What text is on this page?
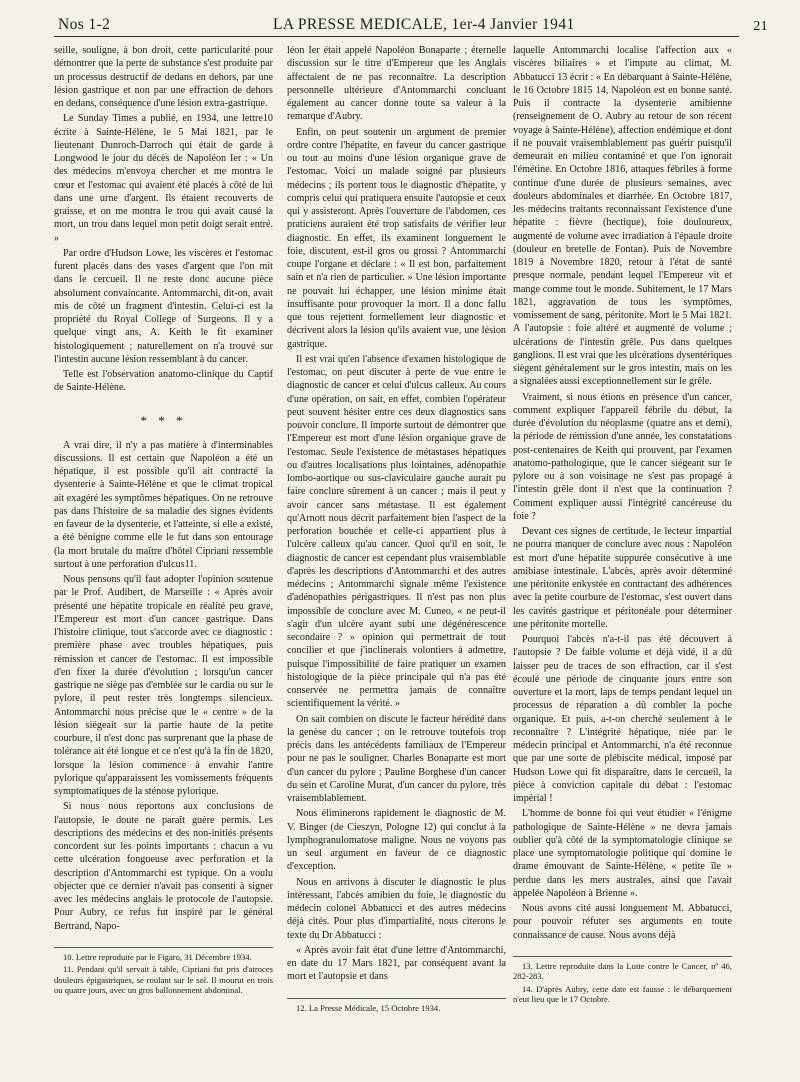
Nos 1-2	LA PRESSE MEDICALE, 1er-4 Janvier 1941	21

seille, souligne, à bon droit, cette particularité pour démontrer que la perte de substance s'est produite par un processus destructif de dedans en dehors, par une lésion gastrique et non par une effraction de dehors en dedans, conséquence d'une lésion extra-gastrique.

Le Sunday Times a publié, en 1934, une lettre10 écrite à Sainte-Hélène, le 5 Mai 1821, par le lieutenant Dunroch-Darroch qui était de garde à Longwood le jour du décès de Napoléon Ier : « Un des médecins m'envoya chercher et me montra le cœur et l'estomac qui avaient été placés à côté de lui dans une urne d'argent. Ils étaient recouverts de graisse, et on me montra le trou qui avait causé la mort, un trou dans lequel mon petit doigt serait entré. »

Par ordre d'Hudson Lowe, les viscères et l'estomac furent placés dans des vases d'argent que l'on mit dans le cercueil. Il ne reste donc aucune pièce absolument convaincante. Antommarchi, dit-on, avait mis de côté un fragment d'intestin. Celui-ci est la propriété du Royal College of Surgeons. Il y a quelque vingt ans, A. Keith le fit examiner histologiquement ; naturellement on n'a trouvé sur l'intestin aucune lésion ressemblant à du cancer.

Telle est l'observation anatomo-clinique du Captif de Sainte-Hélène.

* * *

A vrai dire, il n'y a pas matière à d'interminables discussions. Il est certain que Napoléon a été un hépatique, il est possible qu'il ait contracté la dysenterie à Sainte-Hélène et que le climat tropical ait exagéré les symptômes hépatiques. On ne retrouve pas dans l'histoire de sa maladie des signes évidents en faveur de la dysenterie, et l'atteinte, si elle a existé, a été bénigne comme elle le fut dans son entourage (la mort brutale du maître d'hôtel Cipriani ressemble surtout à une perforation d'ulcus11.

Nous pensons qu'il faut adopter l'opinion soutenue par le Prof. Audibert, de Marseille : « Après avoir présenté une hépatite tropicale en réalité peu grave, l'Empereur est mort d'un cancer gastrique. Dans l'histoire clinique, tout s'accorde avec ce diagnostic : première phase avec troubles hépatiques, puis rémission et cancer de l'estomac. Il est impossible d'en fixer la durée d'évolution ; lorsqu'un cancer gastrique ne siège pas d'emblée sur le cardia ou sur le pylore, il peut rester très longtemps silencieux. Antommarchi nous précise que le « centre » de la lésion siégeait sur la partie haute de la petite courbure, il n'est donc pas surprenant que la phase de tolérance ait été longue et ce n'est qu'à la fin de 1820, lorsque la lésion commence à envahir l'antre pylorique qu'apparaissent les vomissements fréquents symptomatiques de la sténose pylorique.

Si nous nous reportons aux conclusions de l'autopsie, le doute ne paraît guère permis. Les descriptions des médecins et des non-initiés présents concordent sur les points importants : chacun a vu cette ulcération fongueuse avec perforation et la description d'Antommarchi est typique. On a voulu objecter que ce dernier n'avait pas consenti à signer avec les médecins anglais le protocole de l'autopsie. Pour Aubry, ce refus fut inspiré par le général Bertrand, Napo-

10. Lettre reproduite par le Figaro, 31 Décembre 1934.

11. Pendant qu'il servait à table, Cipriani fut pris d'atroces douleurs épigastriques, se roulant sur le sol. Il mourut en trois ou quatre jours, avec un gros ballonnement abdominal.

léon Ier était appelé Napoléon Bonaparte ; éternelle discussion sur le titre d'Empereur que les Anglais affectaient de ne pas reconnaître. La description personnelle ultérieure d'Antommarchi concluant également au cancer donne toute sa valeur à la remarque d'Aubry.

Enfin, on peut soutenir un argument de premier ordre contre l'hépatite, en faveur du cancer gastrique ou tout au moins d'une lésion organique grave de l'estomac. Voici un malade soigné par plusieurs médecins ; ils portent tous le diagnostic d'hépatite, y compris celui qui pratiquera ensuite l'autopsie et ceux qui y assisteront. Après l'ouverture de l'abdomen, ces praticiens auraient été trop satisfaits de vérifier leur diagnostic. En effet, ils examinent longuement le foie, discutent, est-il gros ou grossi ? Antommarchi coupe l'organe et déclare : « Il est bon, parfaitement sain et n'a rien de particulier. » Une lésion importante ne pouvait lui échapper, une lésion minime était insuffisante pour provoquer la mort. Il a donc fallu que tous rejettent formellement leur diagnostic et décrivent alors la lésion qu'ils avaient vue, une lésion gastrique.

Il est vrai qu'en l'absence d'examen histologique de l'estomac, on peut discuter à perte de vue entre le diagnostic de cancer et celui d'ulcus calleux. Au cours d'une opération, on sait, en effet, combien l'opérateur peut souvent hésiter entre ces deux diagnostics sans pouvoir conclure. Il importe surtout de démontrer que l'Empereur est mort d'une lésion organique grave de l'estomac. Seule l'existence de métastases hépatiques ou d'autres localisations plus lointaines, adénopathie lombo-aortique ou sus-claviculaire gauche aurait pu faire conclure sûrement à un cancer ; mais il peut y avoir cancer sans métastase. Il est également qu'Arnott nous décrit parfaitement bien l'aspect de la perforation bouchée et celle-ci appartient plus à l'ulcère calleux qu'au cancer. Quoi qu'il en soit, le diagnostic de cancer est cependant plus vraisemblable d'après les descriptions d'Antommarchi et des autres médecins ; Antommarchi signale même l'existence d'adénopathies périgastriques. Il n'est pas non plus impossible de conclure avec M. Cuneo, « ne peut-il s'agir d'un ulcère ayant subi une dégénérescence secondaire ? » opinion qui permettrait de tout concilier et que j'inclinerais volontiers à admettre, puisque l'impossibilité de faire pratiquer un examen histologique de la pièce principale qui n'a pas été conservée ne permettra jamais de connaître scientifiquement la vérité. »

On sait combien on discute le facteur hérédité dans la genèse du cancer ; on le retrouve toutefois trop précis dans les antécédents familiaux de l'Empereur pour ne pas le souligner. Charles Bonaparte est mort d'un cancer du pylore ; Pauline Borghese d'un cancer du sein et Caroline Murat, d'un cancer du pylore, très vraisemblablement.

Nous éliminerons rapidement le diagnostic de M. V. Binger (de Cieszyn, Pologne 12) qui conclut à la lymphogranulomatose maligne. Nous ne voyons pas un seul argument en faveur de ce diagnostic d'exception.

Nous en arrivons à discuter le diagnostic le plus intéressant, l'abcès amibien du foie, le diagnostic du médecin colonel Abbatucci et des autres médecins déjà cités. Pour plus d'impartialité, nous citerons le texte du Dr Abbatucci :

« Après avoir fait état d'une lettre d'Antommarchi, en date du 17 Mars 1821, par conséquent avant la mort et l'autopsie et dans

12. La Presse Médicale, 15 Octobre 1934.

laquelle Antommarchi localise l'affection aux « viscères biliaires » et l'impute au climat, M. Abbatucci 13 écrit : « En débarquant à Sainte-Hélène, le 16 Octobre 1815 14, Napoléon est en bonne santé. Puis il contracte la dysenterie amibienne (renseignement de O. Aubry au retour de son récent voyage à Sainte-Hélène), affection endémique et dont il ne pouvait vraisemblablement pas guérir puisqu'il demeurait en milieu contaminé et que l'on ignorait l'émétine. En Octobre 1816, attaques fébriles à forme continue d'une durée de plusieurs semaines, avec douleurs abdominales et diarrhée. En Octobre 1817, les médecins traitants reconnaissant l'existence d'une hépatite : fièvre (hectique), foie douloureux, augmenté de volume avec irradiation à l'épaule droite (douleur en bretelle de Fontan). Puis de Novembre 1819 à Novembre 1820, retour à l'état de santé presque normale, pendant lequel l'Empereur vit et mange comme tout le monde. Subitement, le 17 Mars 1821, aggravation de tous les symptômes, vomissement de sang, péritonite. Mort le 5 Mai 1821. A l'autopsie : foie altéré et augmenté de volume ; ulcérations de l'intestin grêle. Pus dans quelques ganglions. Il est vrai que les ulcérations dysentériques siègent généralement sur le gros intestin, mais on les a signalées aussi exceptionnellement sur le grêle.

Vraiment, si nous étions en présence d'un cancer, comment expliquer l'appareil fébrile du début, la durée d'évolution du néoplasme (quatre ans et demi), la période de rémission d'une année, les constatations post-centenaires de Keith qui prouvent, par l'examen anatomo-pathologique, que le cancer siégeant sur le pylore ou à son voisinage ne s'est pas propagé à l'intestin grêle dont il n'est que la continuation ? Comment expliquer aussi l'intégrité cancéreuse du foie ?

Devant ces signes de certitude, le lecteur impartial ne pourra manquer de conclure avec nous : Napoléon est mort d'une hépatite suppurée consécutive à une amibiase intestinale. L'abcès, après avoir déterminé une péritonite enkystée en contractant des adhérences avec la petite courbure de l'estomac, s'est ouvert dans les cavités gastrique et péritonéale pour déterminer une péritonite mortelle.

Pourquoi l'abcès n'a-t-il pas été découvert à l'autopsie ? De faible volume et déjà vidé, il a dû laisser peu de traces de son effraction, car il s'est écoulé une période de cinquante jours entre son ouverture et la mort, laps de temps pendant lequel un processus de réparation a dû combler la poche organique. Et puis, a-t-on cherché seulement à le reconnaître ? L'intégrité hépatique, niée par le médecin principal et Antommarchi, n'a été reconnue que par une sorte de plébiscite médical, imposé par Hudson Lowe qui fit disparaître, dans le cercueil, la pièce à conviction capitale du débat : l'estomac impérial !

L'homme de bonne foi qui veut étudier « l'énigme pathologique de Sainte-Hélène » ne devra jamais oublier qu'à côté de la symptomatologie clinique se place une symptomatologie politique qui domine le drame émouvant de Sainte-Hélène, « petite île » perdue dans les mers australes, ainsi que l'avait appelée Napoléon à Brienne ».

Nous avons cité aussi longuement M. Abbatucci, pour pouvoir réfuter ses arguments en toute connaissance de cause. Nous avons déjà

13. Lettre reproduite dans la Lutte contre le Cancer, nº 46, 282-283.

14. D'après Aubry, cette date est fausse : le débarquement n'eut lieu que le 17 Octobre.
